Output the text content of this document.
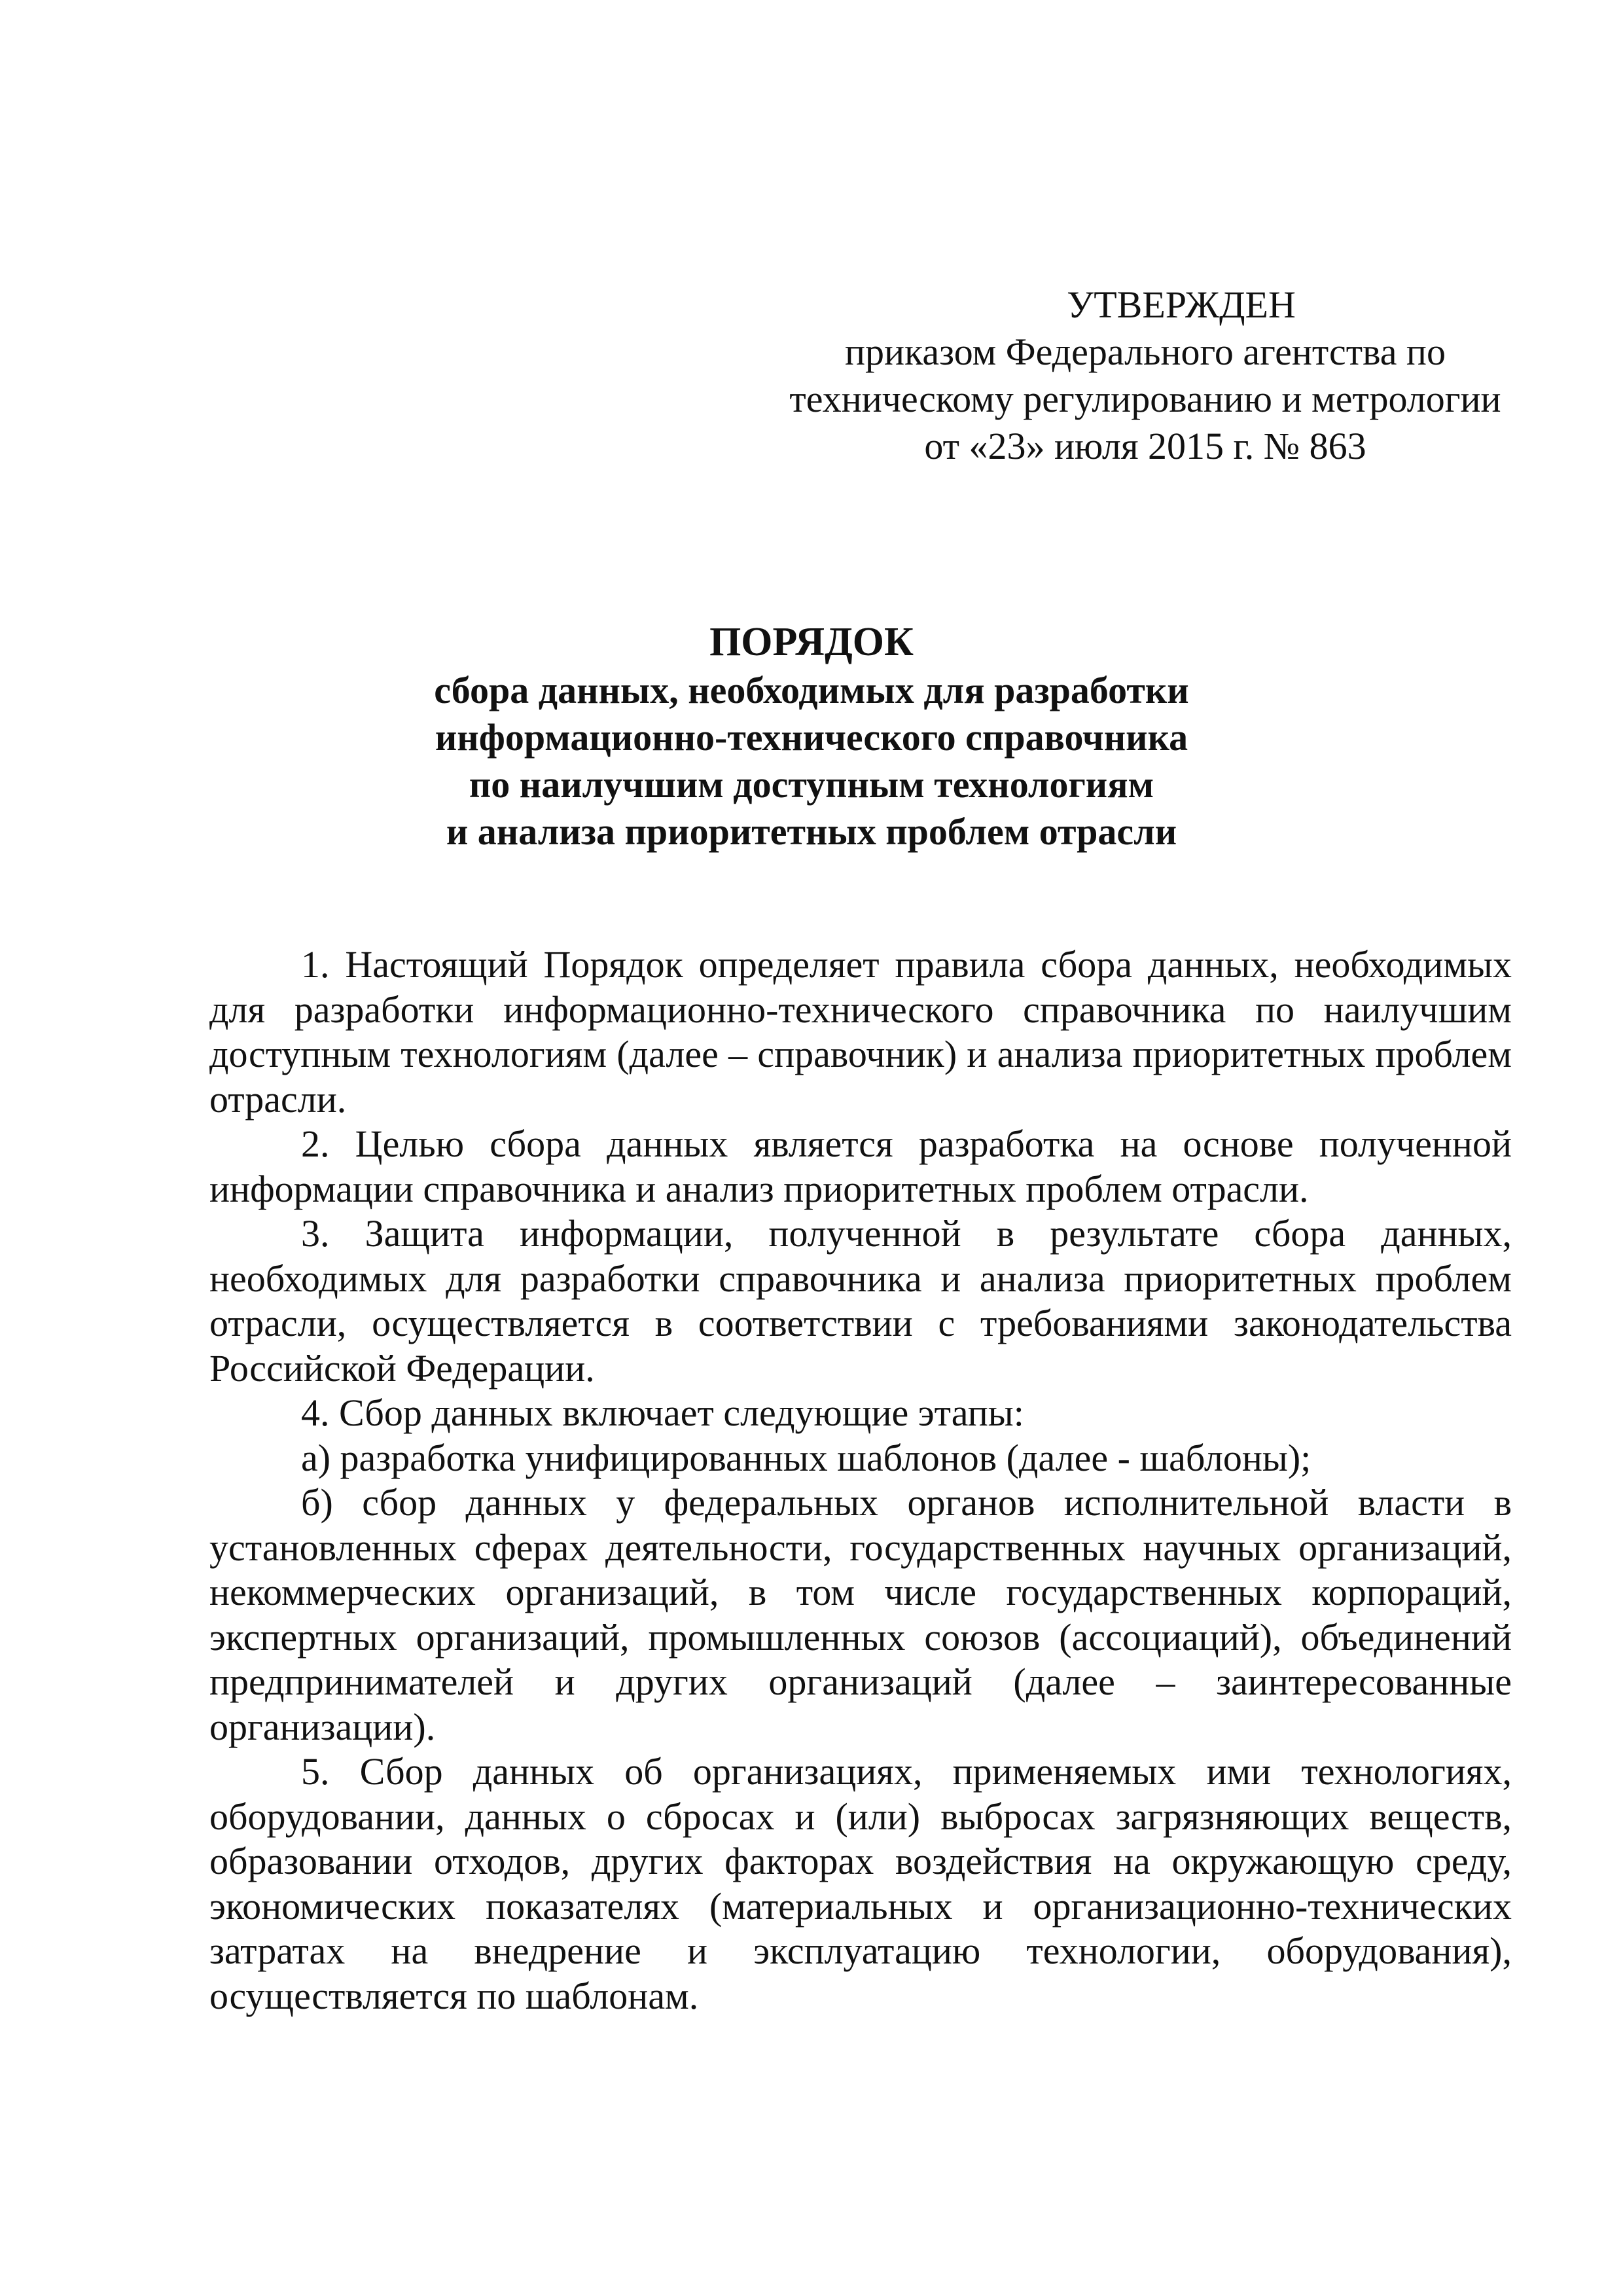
УТВЕРЖДЕН
приказом Федерального агентства по
техническому регулированию и метрологии
от «23» июля 2015 г. № 863
ПОРЯДОК
сбора данных, необходимых для разработки
информационно-технического справочника
по наилучшим доступным технологиям
и анализа приоритетных проблем отрасли

1. Настоящий Порядок определяет правила сбора данных, необходимых для разработки информационно-технического справочника по наилучшим доступным технологиям (далее – справочник) и анализа приоритетных проблем отрасли.

2. Целью сбора данных является разработка на основе полученной информации справочника и анализ приоритетных проблем отрасли.

3. Защита информации, полученной в результате сбора данных, необходимых для разработки справочника и анализа приоритетных проблем отрасли, осуществляется в соответствии с требованиями законодательства Российской Федерации.

4. Сбор данных включает следующие этапы:

а) разработка унифицированных шаблонов (далее - шаблоны);

б) сбор данных у федеральных органов исполнительной власти в установленных сферах деятельности, государственных научных организаций, некоммерческих организаций, в том числе государственных корпораций, экспертных организаций, промышленных союзов (ассоциаций), объединений предпринимателей и других организаций (далее – заинтересованные организации).

5. Сбор данных об организациях, применяемых ими технологиях, оборудовании, данных о сбросах и (или) выбросах загрязняющих веществ, образовании отходов, других факторах воздействия на окружающую среду, экономических показателях (материальных и организационно-технических затратах на внедрение и эксплуатацию технологии, оборудования), осуществляется по шаблонам.
